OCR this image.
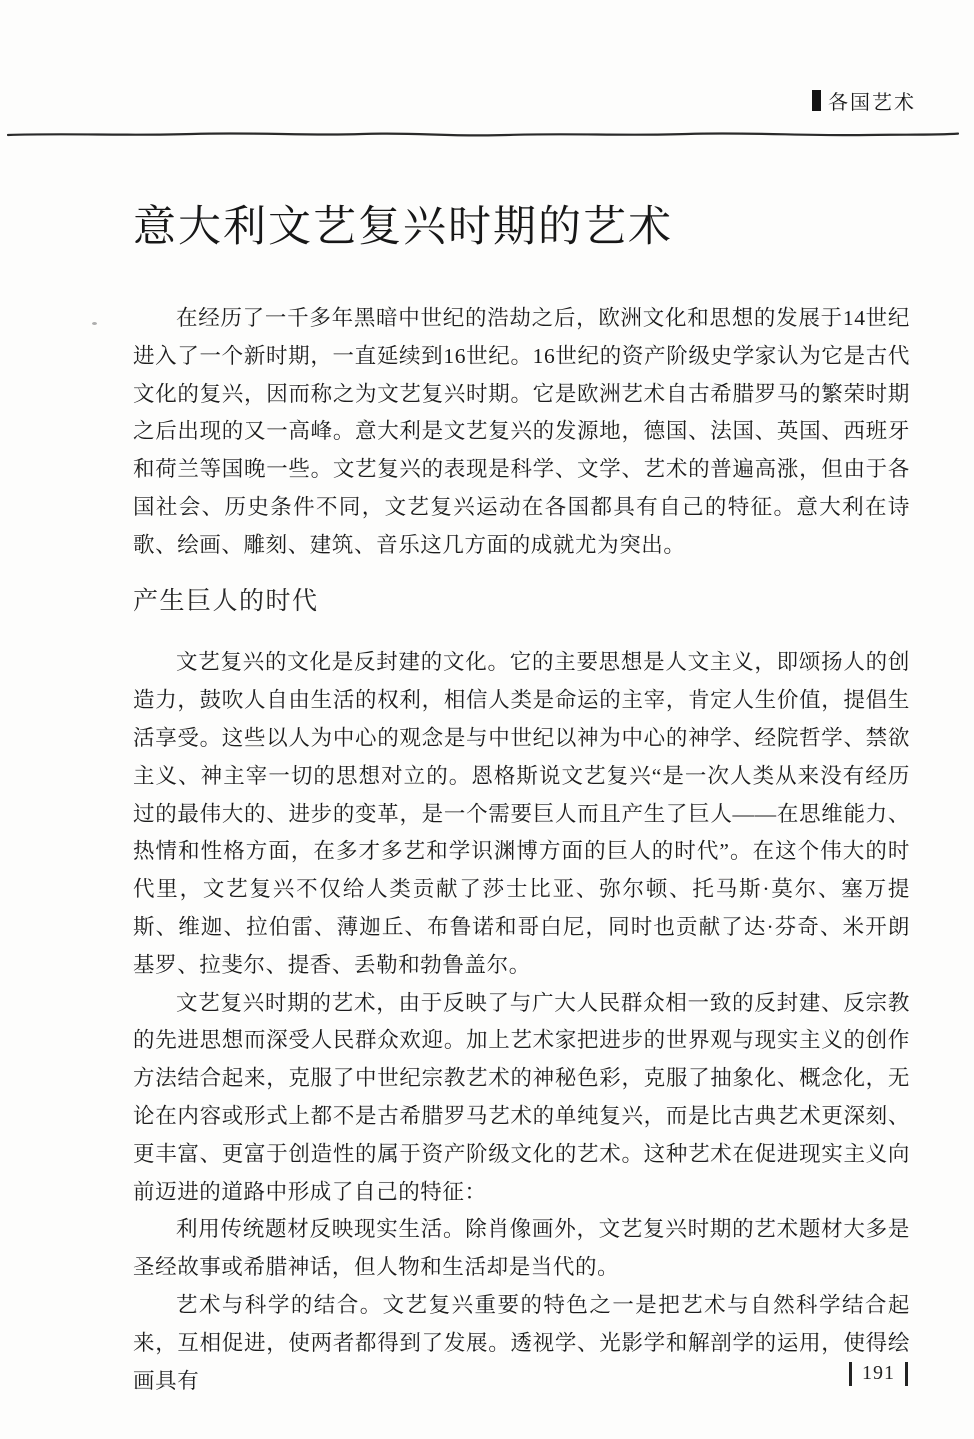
各国艺术
意大利文艺复兴时期的艺术

在经历了一千多年黑暗中世纪的浩劫之后，欧洲文化和思想的发展于14世纪进入了一个新时期，一直延续到16世纪。16世纪的资产阶级史学家认为它是古代文化的复兴，因而称之为文艺复兴时期。它是欧洲艺术自古希腊罗马的繁荣时期之后出现的又一高峰。意大利是文艺复兴的发源地，德国、法国、英国、西班牙和荷兰等国晚一些。文艺复兴的表现是科学、文学、艺术的普遍高涨，但由于各国社会、历史条件不同，文艺复兴运动在各国都具有自己的特征。意大利在诗歌、绘画、雕刻、建筑、音乐这几方面的成就尤为突出。

产生巨人的时代

文艺复兴的文化是反封建的文化。它的主要思想是人文主义，即颂扬人的创造力，鼓吹人自由生活的权利，相信人类是命运的主宰，肯定人生价值，提倡生活享受。这些以人为中心的观念是与中世纪以神为中心的神学、经院哲学、禁欲主义、神主宰一切的思想对立的。恩格斯说文艺复兴“是一次人类从来没有经历过的最伟大的、进步的变革，是一个需要巨人而且产生了巨人——在思维能力、热情和性格方面，在多才多艺和学识渊博方面的巨人的时代”。在这个伟大的时代里，文艺复兴不仅给人类贡献了莎士比亚、弥尔顿、托马斯·莫尔、塞万提斯、维迦、拉伯雷、薄迦丘、布鲁诺和哥白尼，同时也贡献了达·芬奇、米开朗基罗、拉斐尔、提香、丢勒和勃鲁盖尔。

文艺复兴时期的艺术，由于反映了与广大人民群众相一致的反封建、反宗教的先进思想而深受人民群众欢迎。加上艺术家把进步的世界观与现实主义的创作方法结合起来，克服了中世纪宗教艺术的神秘色彩，克服了抽象化、概念化，无论在内容或形式上都不是古希腊罗马艺术的单纯复兴，而是比古典艺术更深刻、更丰富、更富于创造性的属于资产阶级文化的艺术。这种艺术在促进现实主义向前迈进的道路中形成了自己的特征：

利用传统题材反映现实生活。除肖像画外，文艺复兴时期的艺术题材大多是圣经故事或希腊神话，但人物和生活却是当代的。

艺术与科学的结合。文艺复兴重要的特色之一是把艺术与自然科学结合起来，互相促进，使两者都得到了发展。透视学、光影学和解剖学的运用，使得绘画具有	191
